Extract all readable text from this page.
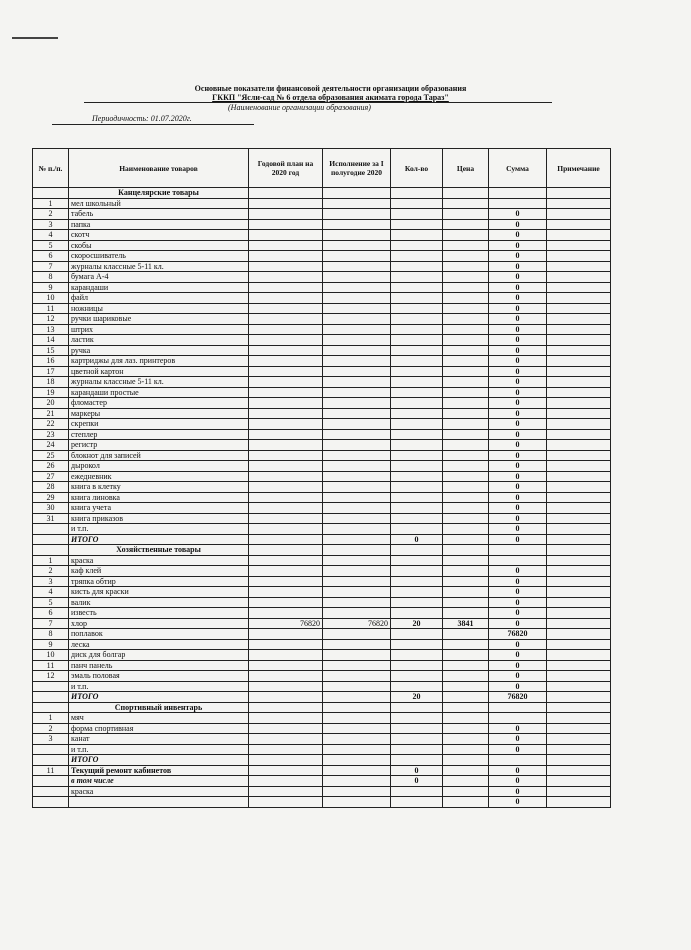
Основные показатели финансовой деятельности организации образования
ГККП "Ясли-сад № 6 отдела образования акимата города Тараз"
(Наименование организации образования)
Периодичность: 01.07.2020г.
№ п./п.	Наименование товаров	Годовой план на 2020 год	Исполнение за I полугодие 2020	Кол-во	Цена	Сумма	Примечание
	Канцелярские товары						
1	мел школьный						
2	табель					0	
3	папка					0	
4	скотч					0	
5	скобы					0	
6	скоросшиватель					0	
7	журналы классные 5-11 кл.					0	
8	бумага А-4					0	
9	карандаши					0	
10	файл					0	
11	ножницы					0	
12	ручки шариковые					0	
13	штрих					0	
14	ластик					0	
15	ручка					0	
16	картриджы для лаз. принтеров					0	
17	цветной картон					0	
18	журналы классные 5-11 кл.					0	
19	карандаши простые					0	
20	фломастер					0	
21	маркеры					0	
22	скрепки					0	
23	степлер					0	
24	регистр					0	
25	блокнот для записей					0	
26	дырокол					0	
27	ежедневник					0	
28	книга в клетку					0	
29	книга линовка					0	
30	книга учета					0	
31	книга приказов					0	
	и т.п.					0	
	ИТОГО			0		0	
	Хозяйственные товары						
1	краска						
2	каф клей					0	
3	тряпка обтир					0	
4	кисть для краски					0	
5	валик					0	
6	известь					0	
7	хлор	76820	76820	20	3841	0	
8	поплавок					76820	
9	леска					0	
10	диск для болгар					0	
11	панч панель					0	
12	эмаль половая					0	
	и т.п.					0	
	ИТОГО			20		76820	
	Спортивный инвентарь						
1	мяч						
2	форма спортивная					0	
3	канат					0	
	и т.п.					0	
	ИТОГО						
11	Текущий ремонт кабинетов			0		0	
	в том числе			0		0	
	краска					0	
						0	
